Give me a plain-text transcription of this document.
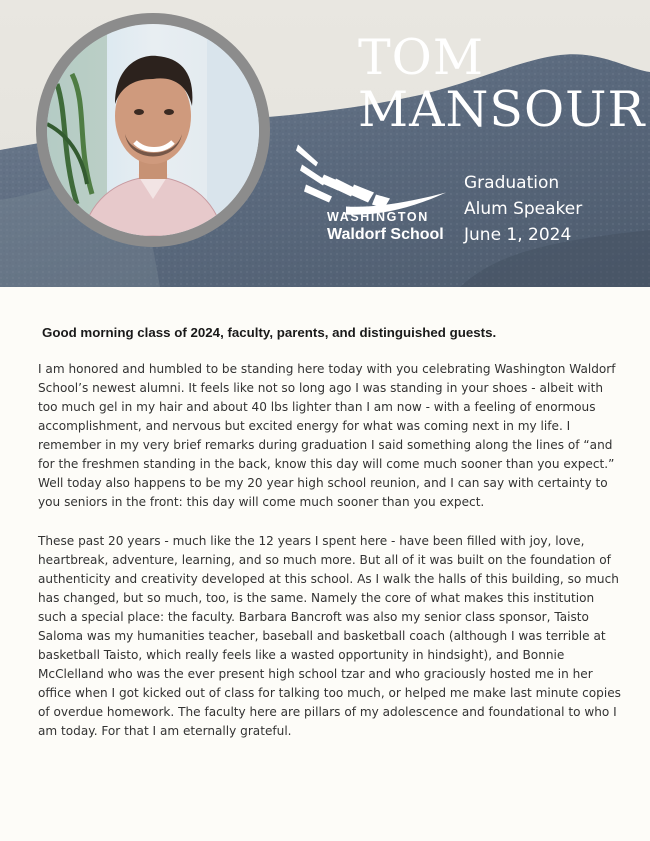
TOM
MANSOUR
WASHINGTON
Waldorf School
Graduation
Alum Speaker
June 1, 2024

Good morning class of 2024, faculty, parents, and distinguished guests.

I am honored and humbled to be standing here today with you celebrating Washington Waldorf School’s newest alumni. It feels like not so long ago I was standing in your shoes - albeit with too much gel in my hair and about 40 lbs lighter than I am now - with a feeling of enormous accomplishment, and nervous but excited energy for what was coming next in my life. I remember in my very brief remarks during graduation I said something along the lines of “and for the freshmen standing in the back, know this day will come much sooner than you expect.” Well today also happens to be my 20 year high school reunion, and I can say with certainty to you seniors in the front: this day will come much sooner than you expect.

These past 20 years - much like the 12 years I spent here - have been filled with joy, love, heartbreak, adventure, learning, and so much more. But all of it was built on the foundation of authenticity and creativity developed at this school. As I walk the halls of this building, so much has changed, but so much, too, is the same. Namely the core of what makes this institution such a special place: the faculty. Barbara Bancroft was also my senior class sponsor, Taisto Saloma was my humanities teacher, baseball and basketball coach (although I was terrible at basketball Taisto, which really feels like a wasted opportunity in hindsight), and Bonnie McClelland who was the ever present high school tzar and who graciously hosted me in her office when I got kicked out of class for talking too much, or helped me make last minute copies of overdue homework. The faculty here are pillars of my adolescence and foundational to who I am today. For that I am eternally grateful.
